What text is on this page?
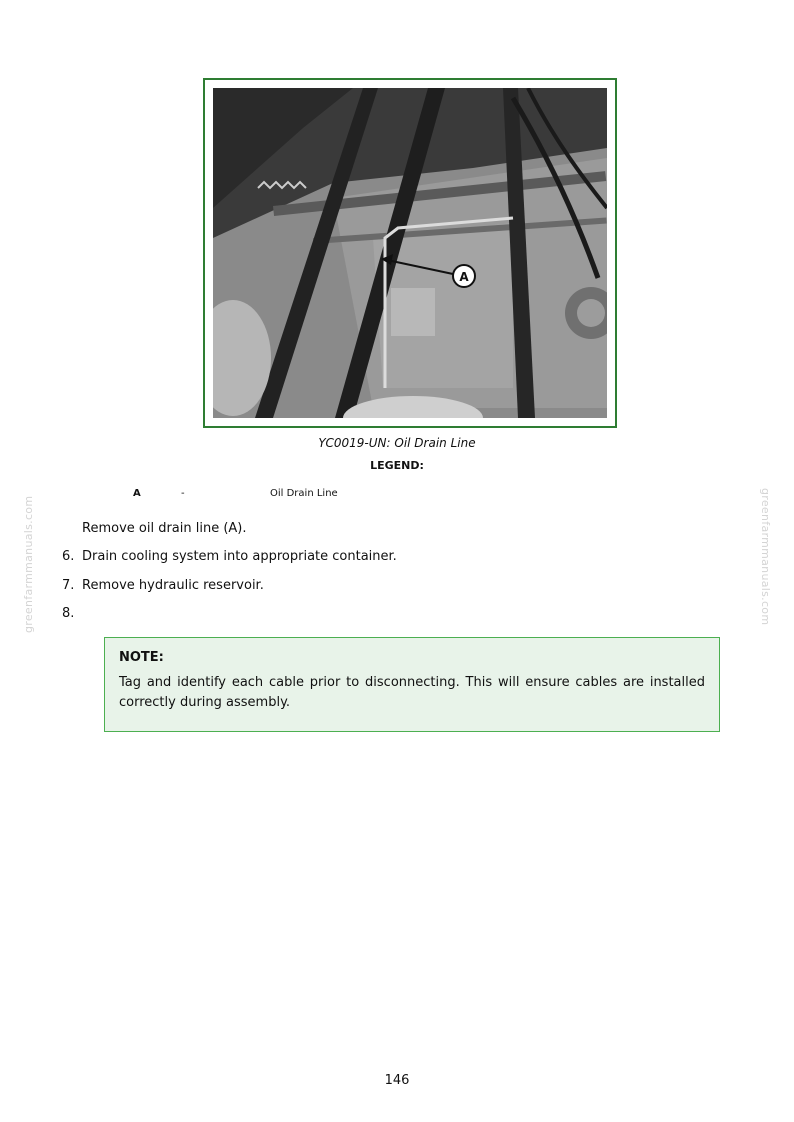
greenfarmmanuals.com	greenfarmmanuals.com
A
YC0019-UN: Oil Drain Line
LEGEND:
A	-	Oil Drain Line
Remove oil drain line (A).
6. Drain cooling system into appropriate container.
7. Remove hydraulic reservoir.
8.
NOTE:
Tag and identify each cable prior to disconnecting. This will ensure cables are installed correctly during assembly.
146
